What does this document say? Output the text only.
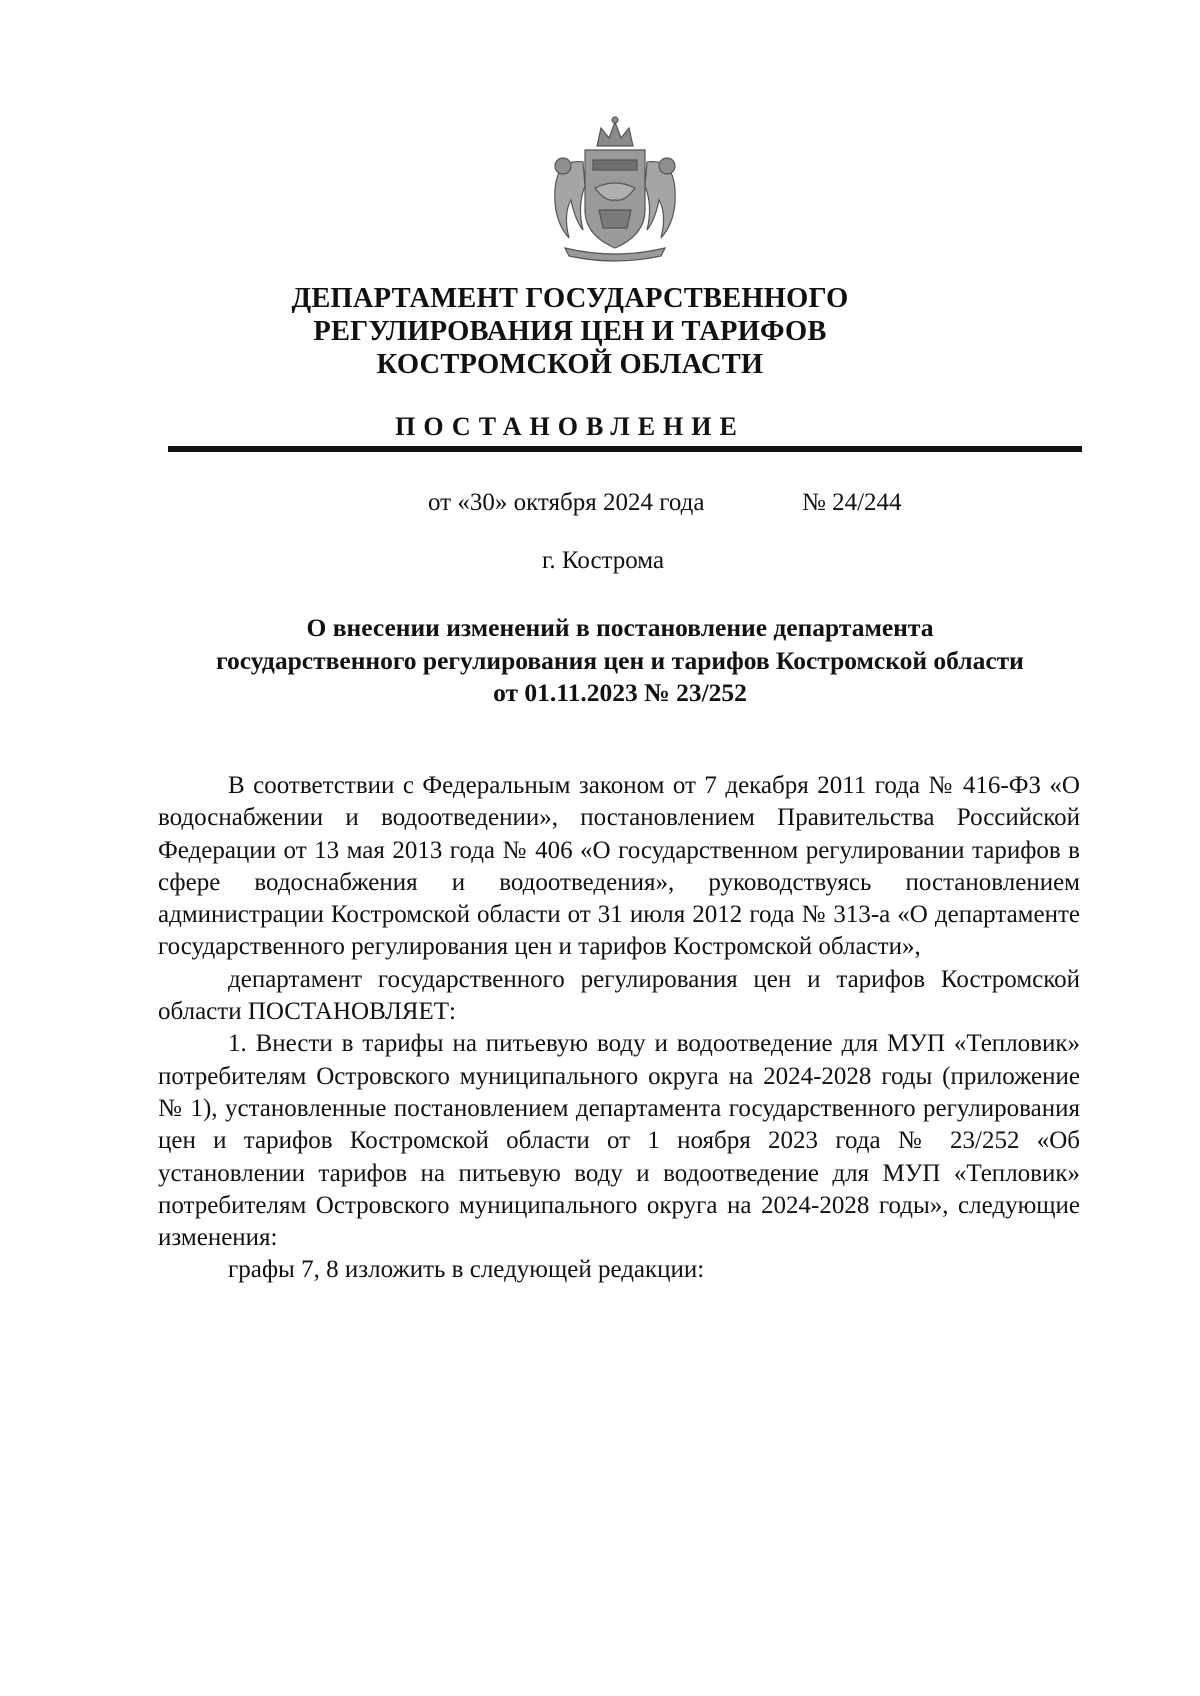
ДЕПАРТАМЕНТ ГОСУДАРСТВЕННОГО
РЕГУЛИРОВАНИЯ ЦЕН И ТАРИФОВ
КОСТРОМСКОЙ ОБЛАСТИ
ПОСТАНОВЛЕНИЕ
от «30» октября 2024 года	№ 24/244
г. Кострома
О внесении изменений в постановление департамента
государственного регулирования цен и тарифов Костромской области
от 01.11.2023 № 23/252

В соответствии с Федеральным законом от 7 декабря 2011 года № 416-ФЗ «О водоснабжении и водоотведении», постановлением Правительства Российской Федерации от 13 мая 2013 года № 406 «О государственном регулировании тарифов в сфере водоснабжения и водоотведения», руководствуясь постановлением администрации Костромской области от 31 июля 2012 года № 313-а «О департаменте государственного регулирования цен и тарифов Костромской области»,

департамент государственного регулирования цен и тарифов Костромской области ПОСТАНОВЛЯЕТ:

1. Внести в тарифы на питьевую воду и водоотведение для МУП «Тепловик» потребителям Островского муниципального округа на 2024-2028 годы (приложение № 1), установленные постановлением департамента государственного регулирования цен и тарифов Костромской области от 1 ноября 2023 года № 23/252 «Об установлении тарифов на питьевую воду и водоотведение для МУП «Тепловик» потребителям Островского муниципального округа на 2024-2028 годы», следующие изменения:

графы 7, 8 изложить в следующей редакции:
